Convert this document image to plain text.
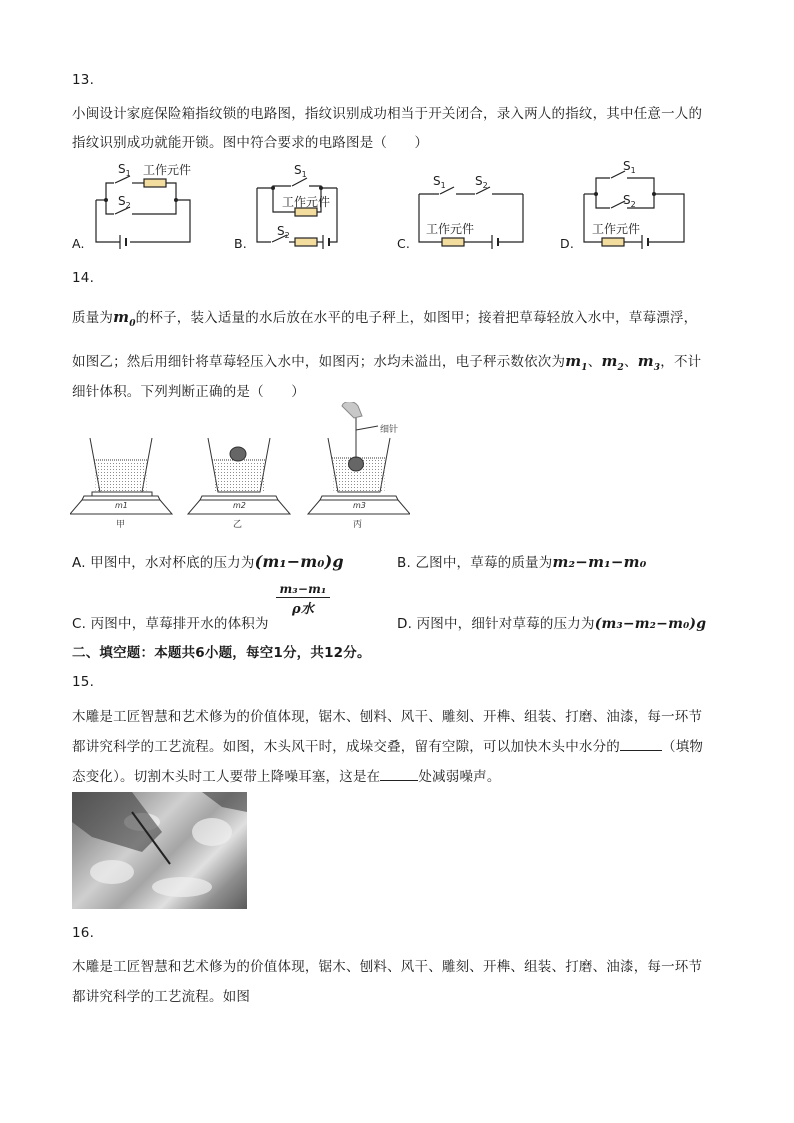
13.
小闽设计家庭保险箱指纹锁的电路图，指纹识别成功相当于开关闭合，录入两人的指纹，其中任意一人的
指纹识别成功就能开锁。图中符合要求的电路图是（　　）
$S_1$ 工作元件
$S_2$
$S_1$
工作元件
$S_2$
$S_1$ $S_2$
工作元件
$S_1$
$S_2$
工作元件
A.	B.	C.	D.
14.
质量为$m_0$的杯子，装入适量的水后放在水平的电子秤上，如图甲；接着把草莓轻放入水中，草莓漂浮，
如图乙；然后用细针将草莓轻压入水中，如图丙；水均未溢出，电子秤示数依次为$m_1$、$m_2$、$m_3$，不计
细针体积。下列判断正确的是（　　）
m1	m2	m3
细针
甲	乙	丙
A. 甲图中，水对杯底的压力为(m₁−m₀)g	B. 乙图中，草莓的质量为m₂−m₁−m₀
C. 丙图中，草莓排开水的体积为
m₃−m₁
ρ水
D. 丙图中，细针对草莓的压力为(m₃−m₂−m₀)g
二、填空题：本题共6小题，每空1分，共12分。
15.
木雕是工匠智慧和艺术修为的价值体现，锯木、刨料、风干、雕刻、开榫、组装、打磨、油漆，每一环节
都讲究科学的工艺流程。如图，木头风干时，成垛交叠，留有空隙，可以加快木头中水分的	（填物
态变化）。切割木头时工人要带上降噪耳塞，这是在	处减弱噪声。
16.
木雕是工匠智慧和艺术修为的价值体现，锯木、刨料、风干、雕刻、开榫、组装、打磨、油漆，每一环节
都讲究科学的工艺流程。如图
